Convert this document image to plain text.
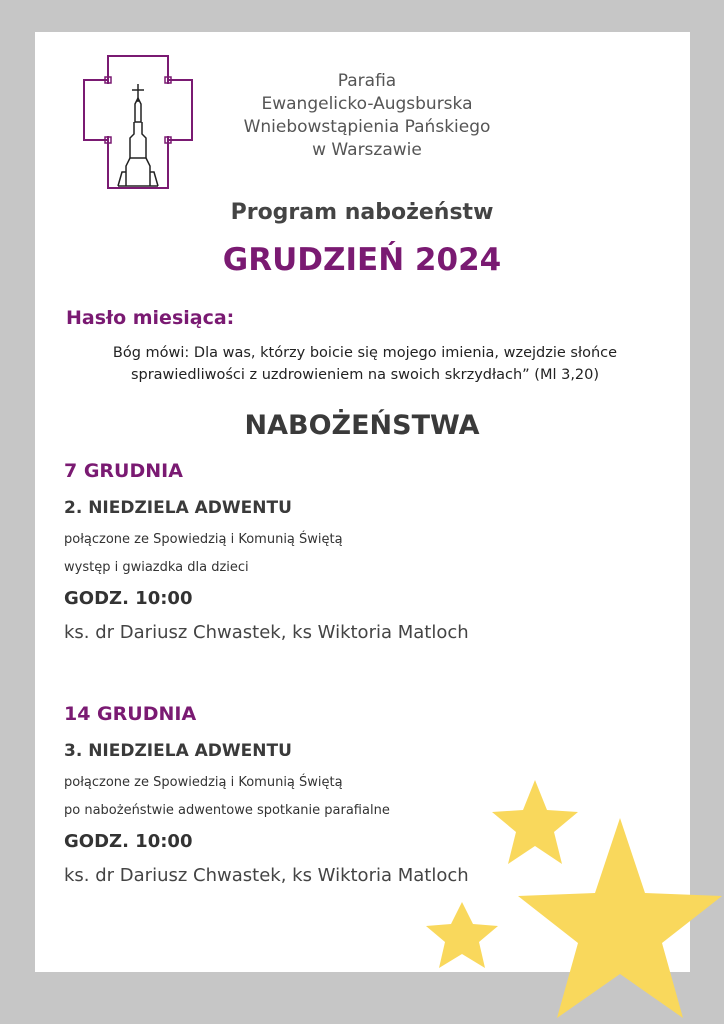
Parafia
Ewangelicko-Augsburska
Wniebowstąpienia Pańskiego
w Warszawie
Program nabożeństw
GRUDZIEŃ 2024
Hasło miesiąca:
Bóg mówi: Dla was, którzy boicie się mojego imienia, wzejdzie słońce sprawiedliwości z uzdrowieniem na swoich skrzydłach” (Ml 3,20)
NABOŻEŃSTWA
7 GRUDNIA
2. NIEDZIELA ADWENTU
połączone ze Spowiedzią i Komunią Świętą
występ i gwiazdka dla dzieci
GODZ. 10:00
ks. dr Dariusz Chwastek, ks Wiktoria Matloch
14 GRUDNIA
3. NIEDZIELA ADWENTU
połączone ze Spowiedzią i Komunią Świętą
po nabożeństwie adwentowe spotkanie parafialne
GODZ. 10:00
ks. dr Dariusz Chwastek, ks Wiktoria Matloch
